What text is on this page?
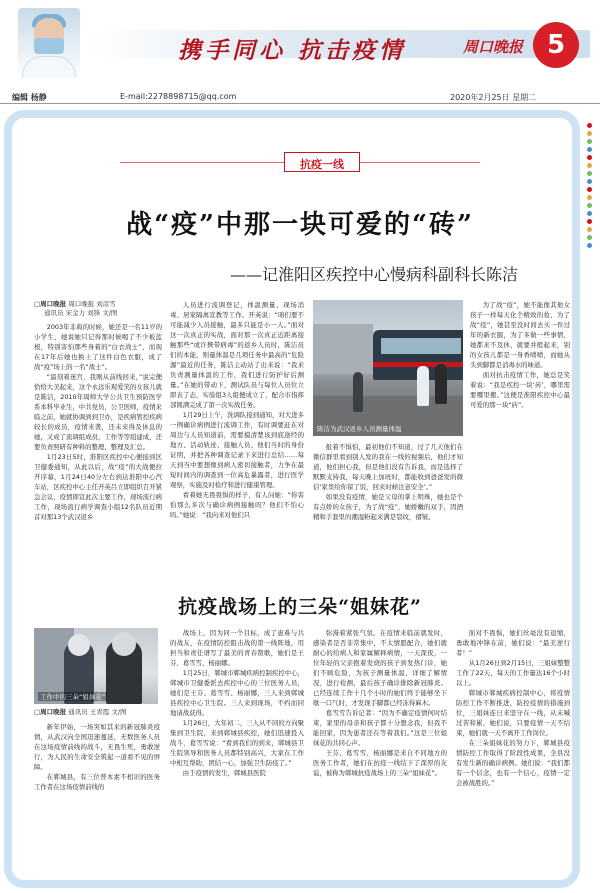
携手同心 抗击疫情	周口晚报 5
编辑 杨静	E-mail:2278898715@qq.com	2020年2月25日 星期二
抗疫一线
战“疫”中那一块可爱的“砖”
——记淮阳区疾控中心慢病科副科长陈洁
□周口晚报 周口晚报 刘彦雪
通讯员 宋金力 刘锋 文/图

2003年非典的时候，她还是一名11岁的小学生，她说她只记得那时候喝了不少板蓝根，特别害怕那些身着的“白衣战士”，而现在17年后她也换上了这件白色衣服，成了战“疫”场上的一名“战士”。

“最刻着迷宫，我刚从前线回来，”说完便恰恰大美起来，这个永远乐观爱笑的女孩儿就是陈洁，2010年周师大学公共卫生预防医学系本科毕业生，中共党员，公卫医师，疫情来临之前，她就协调到到卫办，是疾病管控疾病较长的成员，疫情来袭，还未来得及休息的她，又成了流调组成员，工作等等组建成，还要负责照研有种料的整理、整理及汇总。

1月23日5时，淮阳区疾控中心便接到区卫健委通知，从此以后，战“疫”的大战便拉开序幕，1月24日40分左右到达淮阳中心汽车站，区疾控中心主任开英吕立即组织召开紧急会议，疫情即宣此次主要工作，现场流行病工作，现场流行病学调查小组12名队员近期首对那13个武汉返乡

人员进行流调登记，体温测量、现场消毒、居家隔离宣教等工作。开英说：“咱们要不可能减少人员接触，最多只能是小一人。”面对这一次真正的实战，面对那一次真正近距离接触那些“或许携带病毒”的返乡人员时，陈洁员们的本能，则量体温是几项任务中最高的“危险源”最近的任务，陈洁主动站了出来说：“我来负责测量体温的工作，我们进行防护好后测量。”在她的带动下，测试队员与每位人员位立即表了态，实验组3人组便成立了，配合市指挥部圆满完成了第一次实战任务。

1月29日上午，洗调队接到通知，对大进多一例确诊病例进行流调工作，有时调要赶在对周边与人员知道前，需要摸清楚该到底途经的地方、活动轨迹、接触人员、他们当时的身份证明，并把各种调查记录下来进行总结……每天到当中要想像到病人密切接触者，力争在最短时间内的调查到一位高危暴露者，进行医学观察，实施及时检疗和进行健康管理。

看着她无畏畏惧的样子，有人问她：“你害怕那么多次与确诊病例接触吗？他们不怕心吗。”她说：“我向来对他们只

陈洁为武汉返乡人员测量体温

报着不惧怕，最初他们不知道，过了几天他们在微信群里看到别人发的我在一线的视频后，他们才知道，他们担心我，但是他们没有告诉我，而是选择了默默支持我，每天晚上加班时，都能收到爸爸发的微信‘家里给你留了饭，回来时候注意安全’。”

如果没有疫情，她是父母的掌上明珠，她也是个有点娇的女孩子，为了战“疫”，她娇嫩的双手，因酒精和手套里的潮湿粉起来满是裂纹，褶皱。

为了战“疫”，她不能像其他女孩子一样每天化个精致的妆，为了战“疫”，她甚至没时间去买一件过年的新衣服，为了多做一些事情，她都来不及休，就要并般起来，别的女孩儿都是一身香喷喷，而她从头到脚都是消毒水的味道。

面对抗击疫情工作，她总是笑着说：“我是疾控一块‘砖’，哪里需要哪里搬。”这便是淮阳疾控中心最可爱的那一块“砖”。

抗疫战场上的三朵“姐妹花”
工作中的三朵“姐妹花”
□周口晚报 通讯员 王青霞 文/图

新年伊始，一场突如其来的新冠肺炎疫情，从武汉向全国迅速蔓延，无数医务人员在这场疫情前线的战斗，无畏生死，勇敢逆行，为人民的生命安全筑起一道看不见的屏障。

在郸城县，有三位普本素不相识的医务工作者在这场疫情前线的

战场上，因为同一个目标，成了患难与共的战友，在疫情防控阻击战的第一线阵地，用担当和责任谱写了最美的青春赞歌，她们是王芬、葛雪雪、杨丽娜。

1月25日，郸城市郸城疾病控制疾控中心，郸城市卫健委派去疾控中心的三位医务人员，她们是王芬、葛雪雪、杨丽娜，三人来到郸城县疾控中心卫生院。三人来到现场，不约而同地请战获得。

1月26日，大年初二，三人从不同的方向聚集到卫生院，来到郸城县疾控，她们迅速投入战斗，葛雪雪说：“看到我们的到来，郸城县卫生院领导和医务人员都特别高兴，大家在工作中相互帮助，团结一心，加强卫生防疫了。”

由于疫情的发生，郸城县医院

弥漫着紧张气氛。在疫情来临前就发时，感染者是否非常集中，不太情愿配合，她们就耐心的给病人和家属解释病情，一天深夜，一位年轻的父亲抱着发烧的孩子到发热门诊，她们不顾危险，为孩子测量体温、详细了解情况，进行检测，最后孩子确诊排除新冠肺炎。已经连续工作十几个小时的她们终于能够坐下歇一口气时，才发现手脚都已经冻得麻木。

葛雪雪告诉记者：“因为不确定疫情何时结束，家里的母亲和孩子都十分想念我，但我不能回家，因为患者还在等着我们。”这是三位姐妹花的共同心声。

王芬、葛雪雪、杨丽娜是来自不同地方的医务工作者，她们在抗疫一线结下了深厚的友谊，被称为郸城抗疫战场上的三朵“姐妹花”。

面对不畏惧，她们丝毫没有退缩，勇敢地冲锋在前，她们说：“最美逆行者！”

从1月26日到2月15日，三姐妹整整工作了22天，每天的工作量达16个小时以上。

郸城市郸城疾病控制中心，将疫情防控工作不断推进，防控疫情的措施到位，三姐妹连日来坚守在一线，从未喊过苦和累，她们说，只要疫情一天不结束，她们就一天不离开工作岗位。

在三朵姐妹花的努力下，郸城县疫情防控工作取得了阶段性成果，全县没有发生新的确诊病例。她们说：“我们都有一个信念，也有一个信心，疫情一定会被战胜的。”
